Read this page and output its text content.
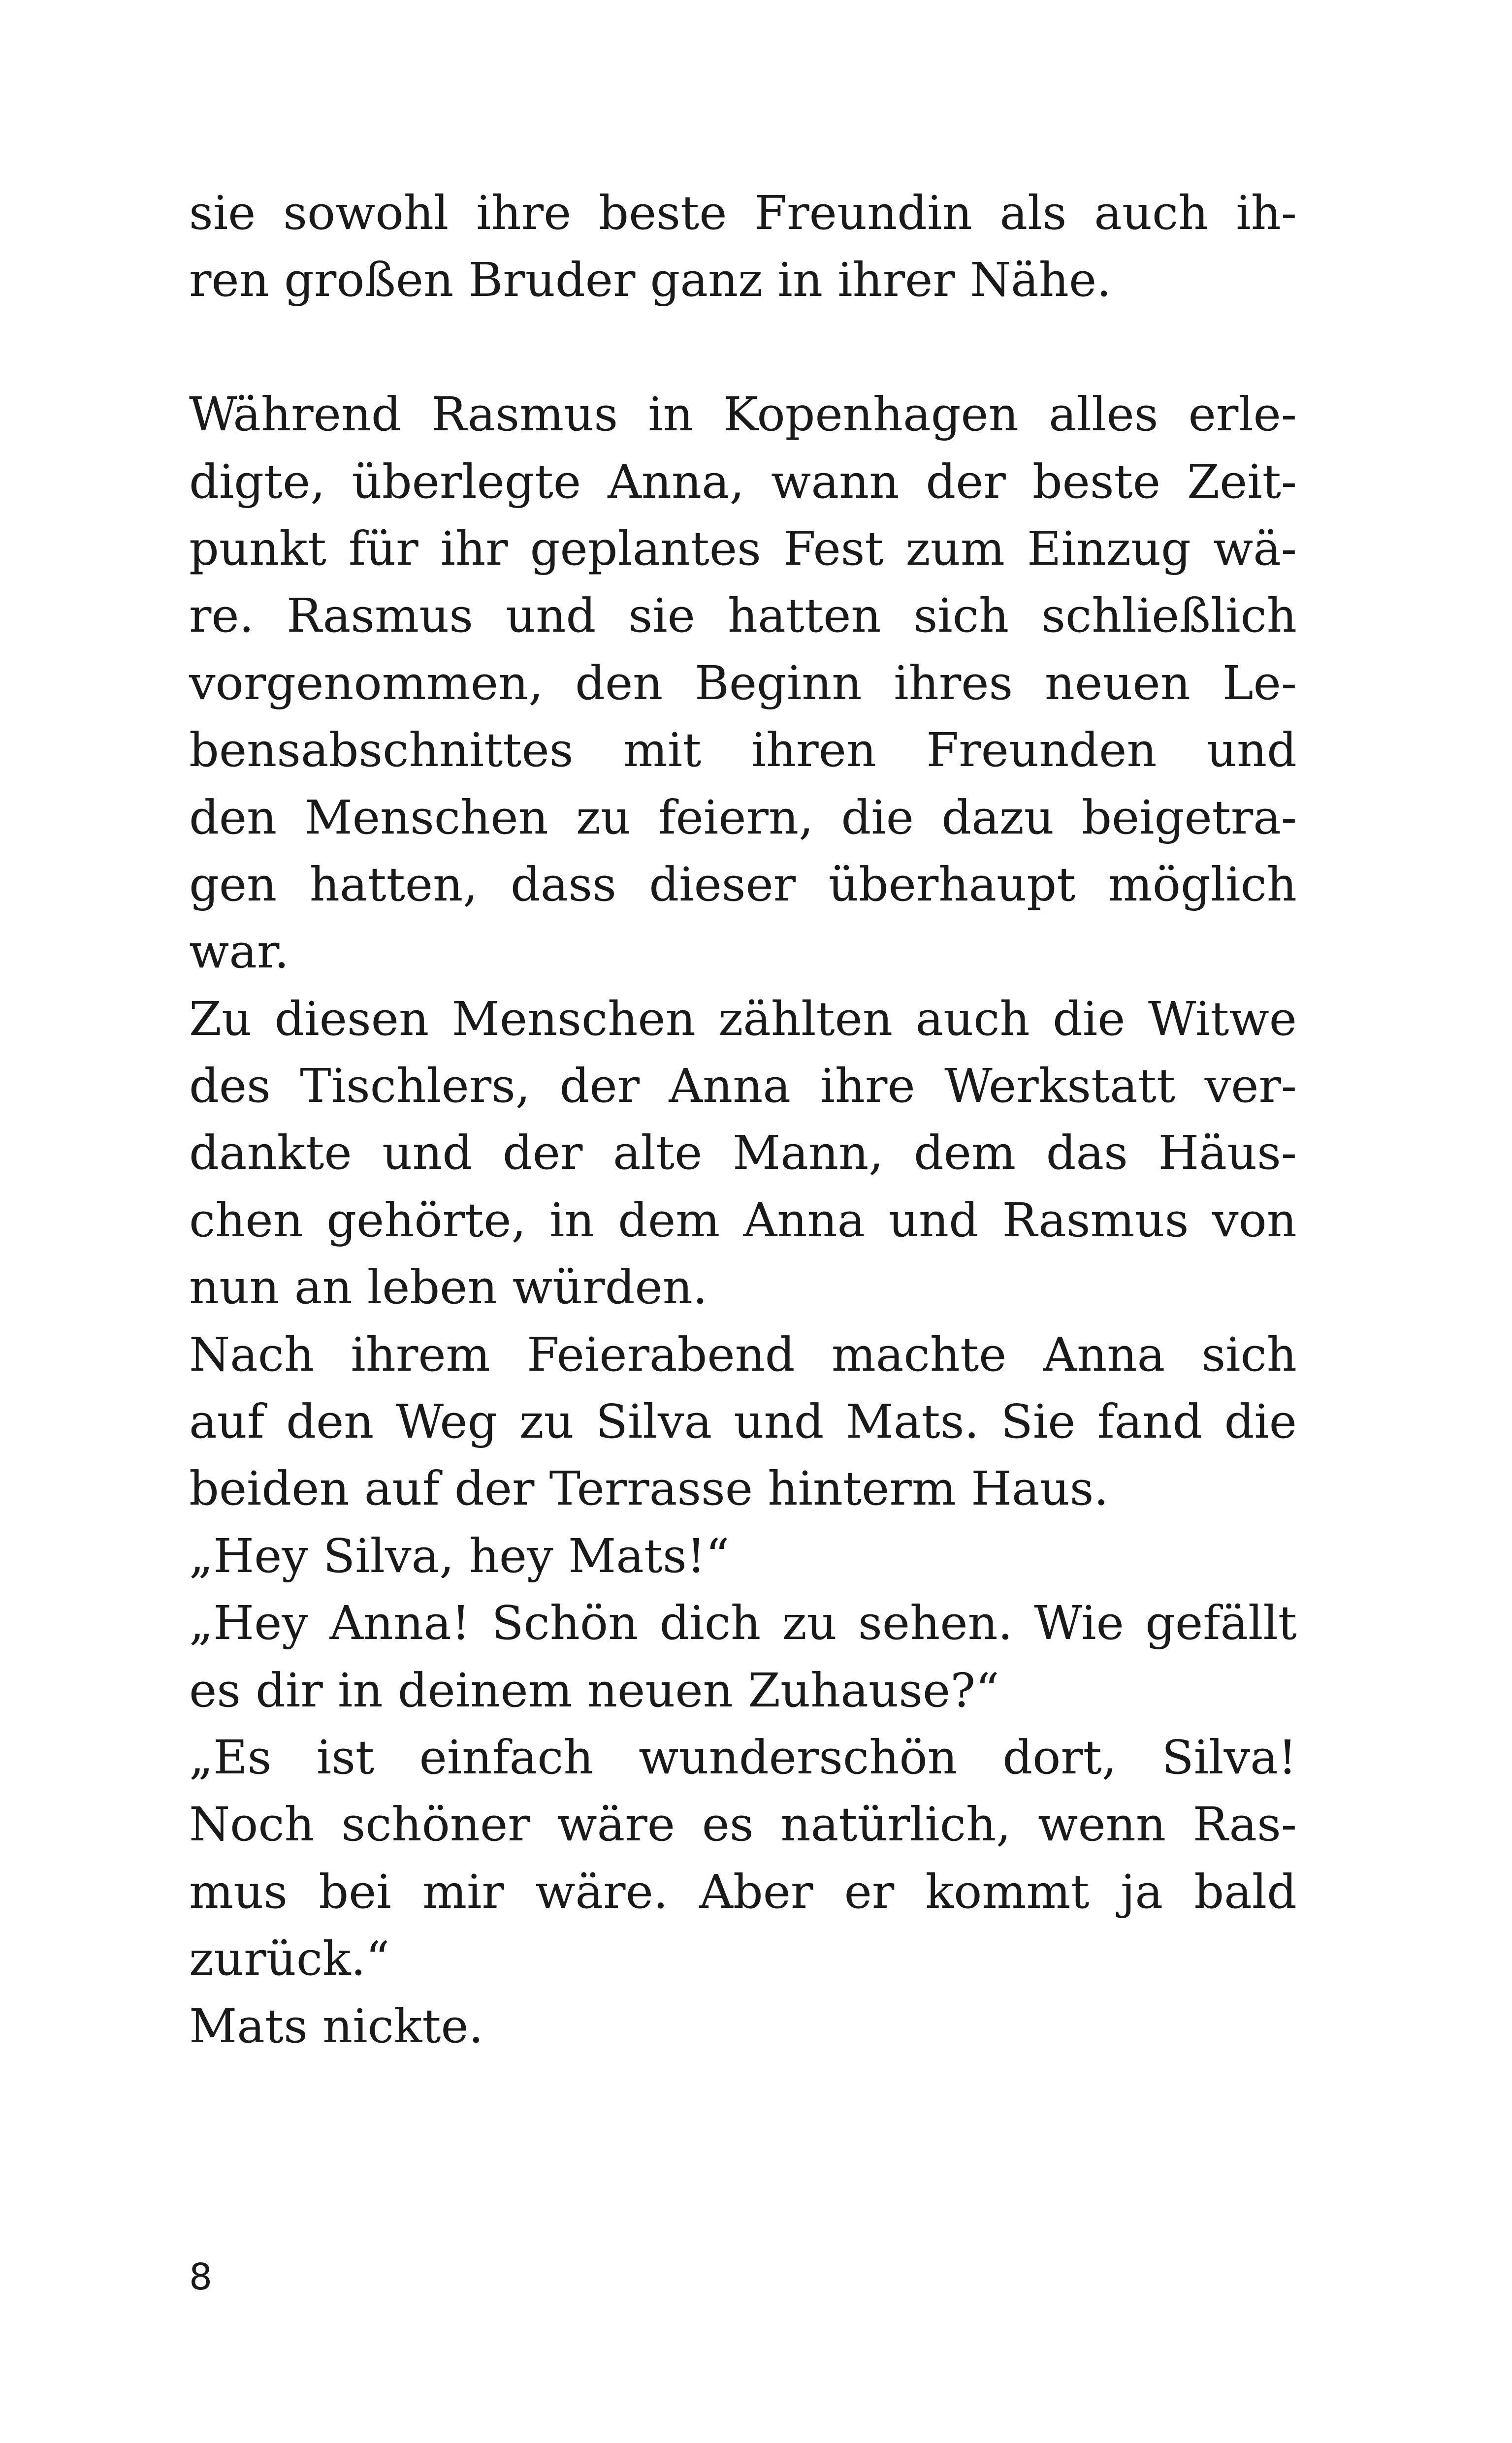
sie sowohl ihre beste Freundin als auch ih-
ren großen Bruder ganz in ihrer Nähe.
Während Rasmus in Kopenhagen alles erle-
digte, überlegte Anna, wann der beste Zeit-
punkt für ihr geplantes Fest zum Einzug wä-
re. Rasmus und sie hatten sich schließlich
vorgenommen, den Beginn ihres neuen Le-
bensabschnittes mit ihren Freunden und
den Menschen zu feiern, die dazu beigetra-
gen hatten, dass dieser überhaupt möglich
war.
Zu diesen Menschen zählten auch die Witwe
des Tischlers, der Anna ihre Werkstatt ver-
dankte und der alte Mann, dem das Häus-
chen gehörte, in dem Anna und Rasmus von
nun an leben würden.
Nach ihrem Feierabend machte Anna sich
auf den Weg zu Silva und Mats. Sie fand die
beiden auf der Terrasse hinterm Haus.
„Hey Silva, hey Mats!“
„Hey Anna! Schön dich zu sehen. Wie gefällt
es dir in deinem neuen Zuhause?“
„Es ist einfach wunderschön dort, Silva!
Noch schöner wäre es natürlich, wenn Ras-
mus bei mir wäre. Aber er kommt ja bald
zurück.“
Mats nickte.
8
